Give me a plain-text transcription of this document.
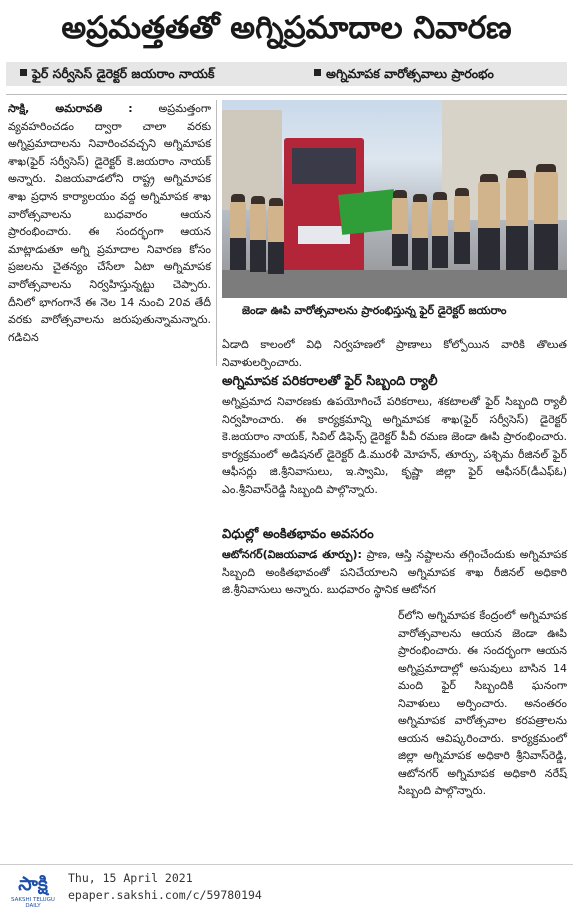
అప్రమత్తతతో అగ్నిప్రమాదాల నివారణ
ఫైర్ సర్వీసెస్ డైరెక్టర్ జయరాం నాయక్	అగ్నిమాపక వారోత్సవాలు ప్రారంభం

సాక్షి, అమరావతి : అప్రమత్తంగా వ్యవహరించడం ద్వారా చాలా వరకు అగ్నిప్రమాదాలను నివారించవచ్చని అగ్నిమాపక శాఖ(ఫైర్ సర్వీసెస్) డైరెక్టర్ కె.జయరాం నాయక్ అన్నారు. విజయవాడలోని రాష్ట్ర అగ్నిమాపక శాఖ ప్రధాన కార్యాలయం వద్ద అగ్నిమాపక శాఖ వారోత్సవాలను బుధవారం ఆయన ప్రారంభించారు. ఈ సందర్భంగా ఆయన మాట్లాడుతూ అగ్ని ప్రమాదాల నివారణ కోసం ప్రజలను చైతన్యం చేసేలా ఏటా అగ్నిమాపక వారోత్సవాలను నిర్వహిస్తున్నట్టు చెప్పారు. దీనిలో భాగంగానే ఈ నెల 14 నుంచి 20వ తేదీ వరకు వారోత్సవాలను జరుపుతున్నామన్నారు. గడిచిన

జెండా ఊపి వారోత్సవాలను ప్రారంభిస్తున్న ఫైర్ డైరెక్టర్ జయరాం

ఏడాది కాలంలో విధి నిర్వహణలో ప్రాణాలు కోల్పోయిన వారికి తొలుత నివాళులర్పించారు.

అగ్నిమాపక పరికరాలతో ఫైర్ సిబ్బంది ర్యాలీ

అగ్నిప్రమాద నివారణకు ఉపయోగించే పరికరాలు, శకటాలతో ఫైర్ సిబ్బంది ర్యాలీ నిర్వహించారు. ఈ కార్యక్రమాన్ని అగ్నిమాపక శాఖ(ఫైర్ సర్వీసెస్) డైరెక్టర్ కె.జయరాం నాయక్, సివిల్ డిఫెన్స్ డైరెక్టర్ పీవీ రమణ జెండా ఊపి ప్రారంభించారు. కార్యక్రమంలో అడిషనల్ డైరెక్టర్ డి.మురళీ మోహన్, తూర్పు, పశ్చిమ రీజినల్ ఫైర్ ఆఫీసర్లు జి.శ్రీనివాసులు, ఇ.స్వామి, కృష్ణా జిల్లా ఫైర్ ఆఫీసర్(డీఎఫ్ఓ) ఎం.శ్రీనివాస్‌రెడ్డి సిబ్బంది పాల్గొన్నారు.

విధుల్లో అంకితభావం అవసరం

ఆటోనగర్(విజయవాడ తూర్పు): ప్రాణ, ఆస్తి నష్టాలను తగ్గించేందుకు అగ్నిమాపక సిబ్బంది అంకితభావంతో పనిచేయాలని అగ్నిమాపక శాఖ రీజినల్ అధికారి జి.శ్రీనివాసులు అన్నారు. బుధవారం స్థానిక ఆటోనగ

ర్‌లోని అగ్నిమాపక కేంద్రంలో అగ్నిమాపక వారోత్సవాలను ఆయన జెండా ఊపి ప్రారంభించారు. ఈ సందర్భంగా ఆయన అగ్నిప్రమాదాల్లో అసువులు బాసిన 14 మంది ఫైర్ సిబ్బందికి ఘనంగా నివాళులు అర్పించారు. అనంతరం అగ్నిమాపక వారోత్సవాల కరపత్రాలను ఆయన ఆవిష్కరించారు. కార్యక్రమంలో జిల్లా అగ్నిమాపక అధికారి శ్రీనివాస్‌రెడ్డి, ఆటోనగర్ అగ్నిమాపక అధికారి నరేష్ సిబ్బంది పాల్గొన్నారు.

సాక్షి
SAKSHI TELUGU DAILY
Thu, 15 April 2021
epaper.sakshi.com/c/59780194
